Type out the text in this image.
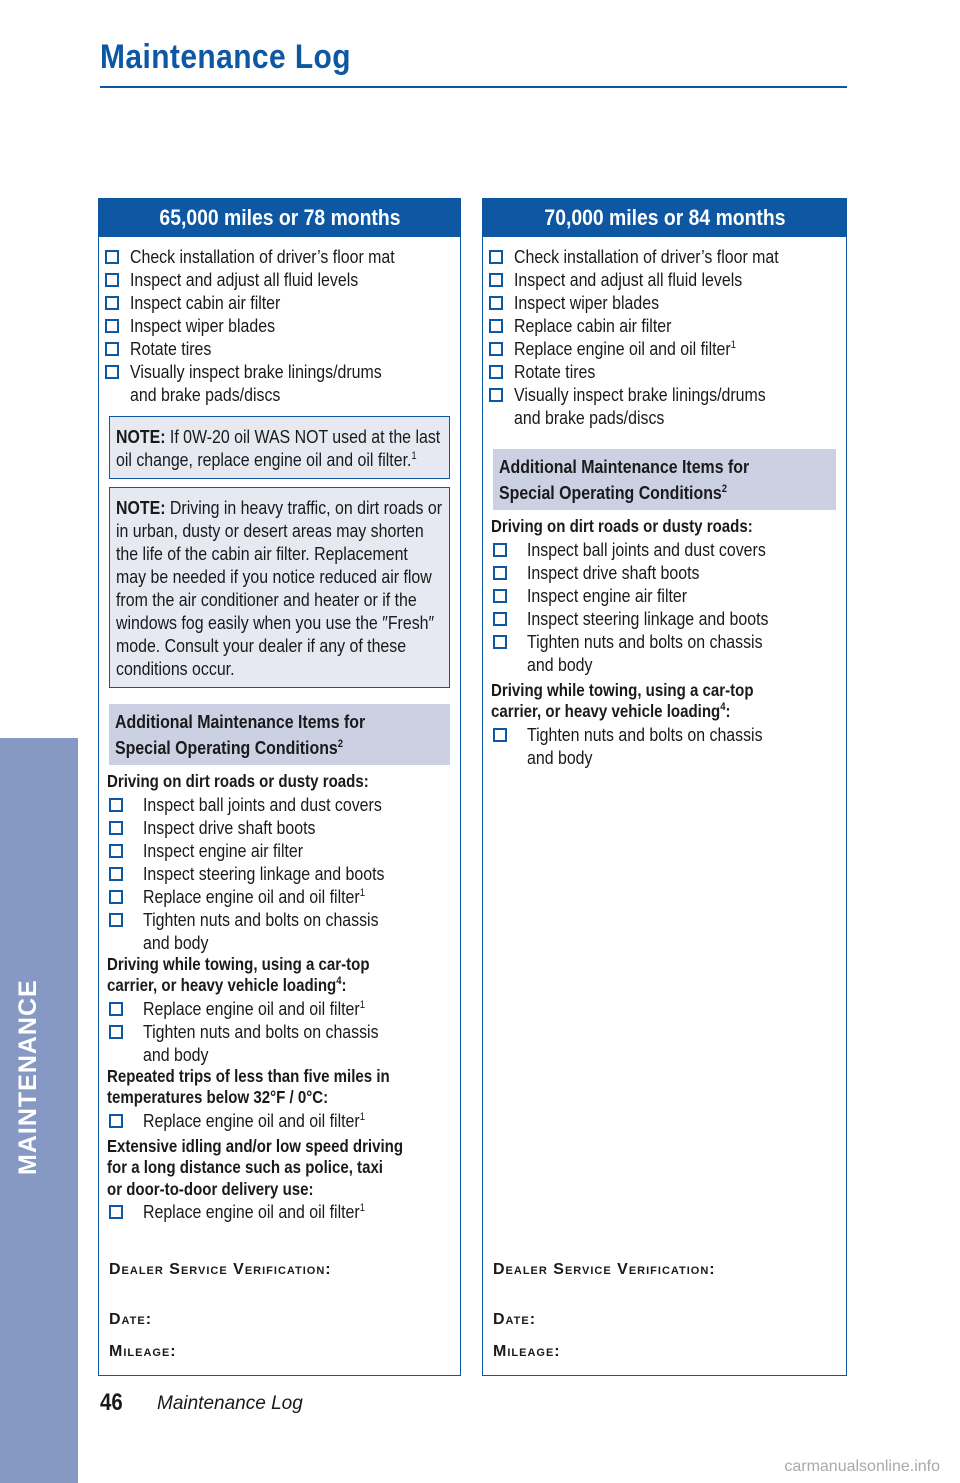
Maintenance Log
MAINTENANCE
65,000 miles or 78 months
Check installation of driver’s floor mat
Inspect and adjust all fluid levels
Inspect cabin air filter
Inspect wiper blades
Rotate tires
Visually inspect brake linings/drums
and brake pads/discs
NOTE: If 0W-20 oil WAS NOT used at the last oil change, replace engine oil and oil filter.$^1$
NOTE: Driving in heavy traffic, on dirt roads or in urban, dusty or desert areas may shorten the life of the cabin air filter. Replacement may be needed if you notice reduced air flow from the air conditioner and heater or if the windows fog easily when you use the ″Fresh″ mode. Consult your dealer if any of these conditions occur.
Additional Maintenance Items for
Special Operating Conditions$^2$
Driving on dirt roads or dusty roads:
Inspect ball joints and dust covers
Inspect drive shaft boots
Inspect engine air filter
Inspect steering linkage and boots
Replace engine oil and oil filter$^1$
Tighten nuts and bolts on chassis
and body
Driving while towing, using a car-top
carrier, or heavy vehicle loading$^4$:
Replace engine oil and oil filter$^1$
Tighten nuts and bolts on chassis
and body
Repeated trips of less than five miles in
temperatures below 32°F / 0°C:
Replace engine oil and oil filter$^1$
Extensive idling and/or low speed driving
for a long distance such as police, taxi
or door-to-door delivery use:
Replace engine oil and oil filter$^1$
Dealer Service Verification:
Date:
Mileage:
70,000 miles or 84 months
Check installation of driver’s floor mat
Inspect and adjust all fluid levels
Inspect wiper blades
Replace cabin air filter
Replace engine oil and oil filter$^1$
Rotate tires
Visually inspect brake linings/drums
and brake pads/discs
Additional Maintenance Items for
Special Operating Conditions$^2$
Driving on dirt roads or dusty roads:
Inspect ball joints and dust covers
Inspect drive shaft boots
Inspect engine air filter
Inspect steering linkage and boots
Tighten nuts and bolts on chassis
and body
Driving while towing, using a car-top
carrier, or heavy vehicle loading$^4$:
Tighten nuts and bolts on chassis
and body
Dealer Service Verification:
Date:
Mileage:
46 Maintenance Log
carmanualsonline.info
